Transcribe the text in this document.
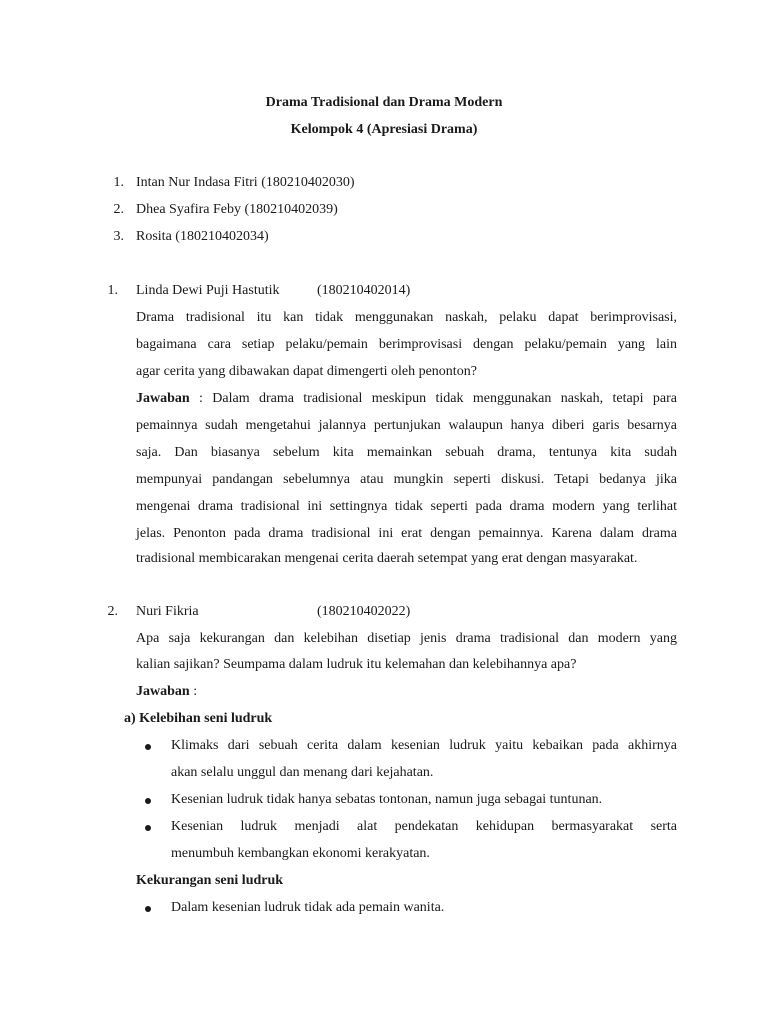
Drama Tradisional dan Drama Modern
Kelompok 4 (Apresiasi Drama)
1. Intan Nur Indasa Fitri (180210402030)
2. Dhea Syafira Feby (180210402039)
3. Rosita (180210402034)
1. Linda Dewi Puji Hastutik	(180210402014)
Drama tradisional itu kan tidak menggunakan naskah, pelaku dapat berimprovisasi,
bagaimana cara setiap pelaku/pemain berimprovisasi dengan pelaku/pemain yang lain
agar cerita yang dibawakan dapat dimengerti oleh penonton?
Jawaban : Dalam drama tradisional meskipun tidak menggunakan naskah, tetapi para
pemainnya sudah mengetahui jalannya pertunjukan walaupun hanya diberi garis besarnya
saja. Dan biasanya sebelum kita memainkan sebuah drama, tentunya kita sudah
mempunyai pandangan sebelumnya atau mungkin seperti diskusi. Tetapi bedanya jika
mengenai drama tradisional ini settingnya tidak seperti pada drama modern yang terlihat
jelas. Penonton pada drama tradisional ini erat dengan pemainnya. Karena dalam drama
tradisional membicarakan mengenai cerita daerah setempat yang erat dengan masyarakat.
2. Nuri Fikria	(180210402022)
Apa saja kekurangan dan kelebihan disetiap jenis drama tradisional dan modern yang
kalian sajikan? Seumpama dalam ludruk itu kelemahan dan kelebihannya apa?
Jawaban :
a) Kelebihan seni ludruk
Klimaks dari sebuah cerita dalam kesenian ludruk yaitu kebaikan pada akhirnya
akan selalu unggul dan menang dari kejahatan.
Kesenian ludruk tidak hanya sebatas tontonan, namun juga sebagai tuntunan.
Kesenian ludruk menjadi alat pendekatan kehidupan bermasyarakat serta
menumbuh kembangkan ekonomi kerakyatan.
Kekurangan seni ludruk
Dalam kesenian ludruk tidak ada pemain wanita.
